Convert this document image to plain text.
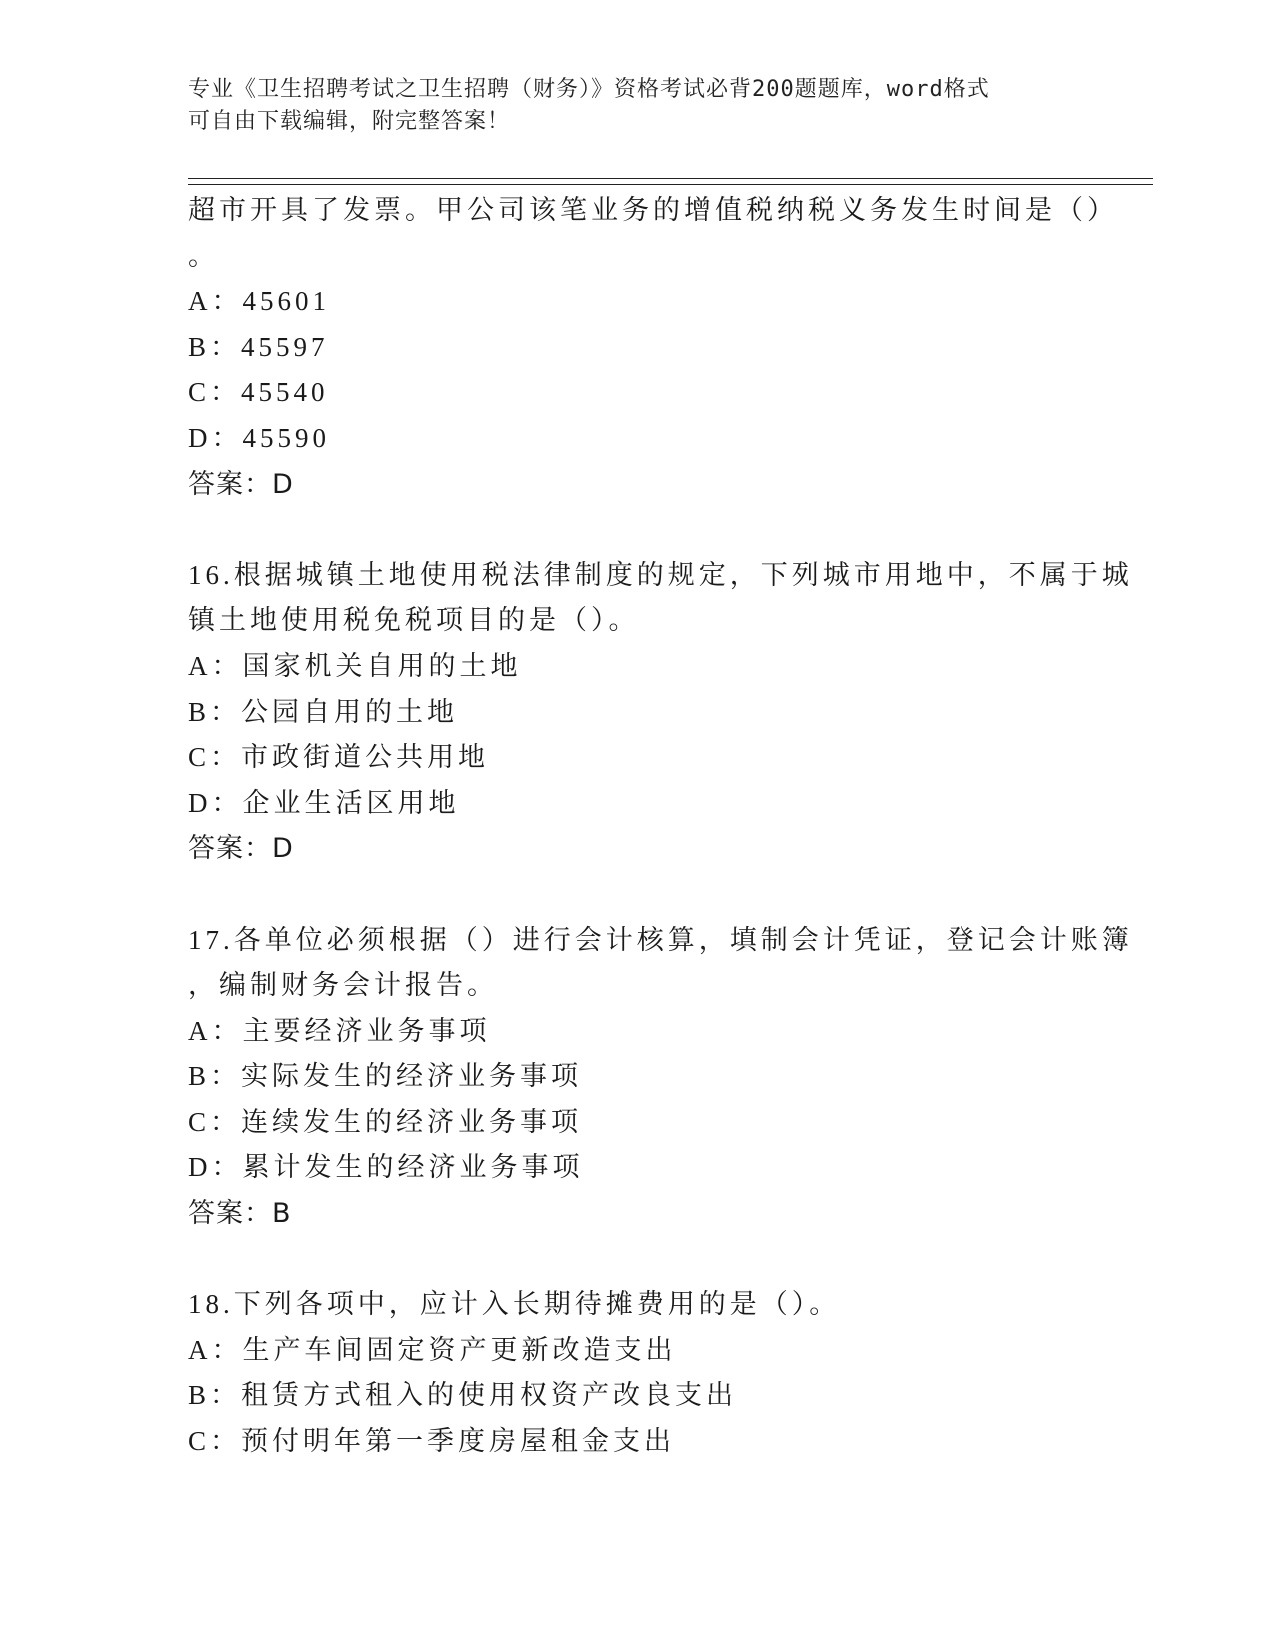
专业《卫生招聘考试之卫生招聘（财务）》资格考试必背200题题库，word格式
可自由下载编辑，附完整答案！
超市开具了发票。甲公司该笔业务的增值税纳税义务发生时间是（）
。
A：45601
B：45597
C：45540
D：45590
答案：D
16.根据城镇土地使用税法律制度的规定，下列城市用地中，不属于城
镇土地使用税免税项目的是（）。
A：国家机关自用的土地
B：公园自用的土地
C：市政街道公共用地
D：企业生活区用地
答案：D
17.各单位必须根据（）进行会计核算，填制会计凭证，登记会计账簿
，编制财务会计报告。
A：主要经济业务事项
B：实际发生的经济业务事项
C：连续发生的经济业务事项
D：累计发生的经济业务事项
答案：B
18.下列各项中，应计入长期待摊费用的是（）。
A：生产车间固定资产更新改造支出
B：租赁方式租入的使用权资产改良支出
C：预付明年第一季度房屋租金支出
